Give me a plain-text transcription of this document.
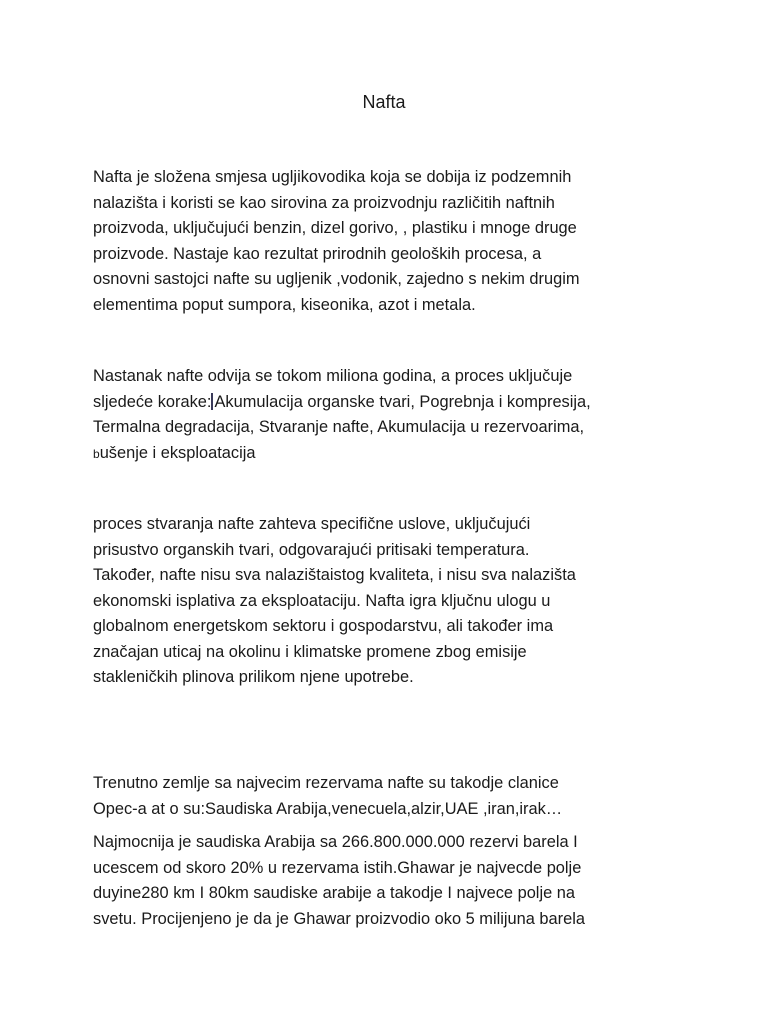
Nafta

Nafta je složena smjesa ugljikovodika koja se dobija iz podzemnih
nalazišta i koristi se kao sirovina za proizvodnju različitih naftnih
proizvoda, uključujući benzin, dizel gorivo, , plastiku i mnoge druge
proizvode. Nastaje kao rezultat prirodnih geoloških procesa, a
osnovni sastojci nafte su ugljenik ,vodonik, zajedno s nekim drugim
elementima poput sumpora, kiseonika, azot i metala.

Nastanak nafte odvija se tokom miliona godina, a proces uključuje
sljedeće korake: Akumulacija organske tvari, Pogrebnja i kompresija,
Termalna degradacija, Stvaranje nafte, Akumulacija u rezervoarima,
bušenje i eksploatacija

proces stvaranja nafte zahteva specifične uslove, uključujući
prisustvo organskih tvari, odgovarajući pritisaki temperatura.
Također, nafte nisu sva nalazištaistog kvaliteta, i nisu sva nalazišta
ekonomski isplativa za eksploataciju. Nafta igra ključnu ulogu u
globalnom energetskom sektoru i gospodarstvu, ali također ima
značajan uticaj na okolinu i klimatske promene zbog emisije
stakleničkih plinova prilikom njene upotrebe.

Trenutno zemlje sa najvecim rezervama nafte su takodje clanice
Opec-a at o su:Saudiska Arabija,venecuela,alzir,UAE ,iran,irak…

Najmocnija je saudiska Arabija sa 266.800.000.000 rezervi barela I
ucescem od skoro 20% u rezervama istih.Ghawar je najvecde polje
duyine280 km I 80km saudiske arabije a takodje I najvece polje na
svetu. Procijenjeno je da je Ghawar proizvodio oko 5 milijuna barela
